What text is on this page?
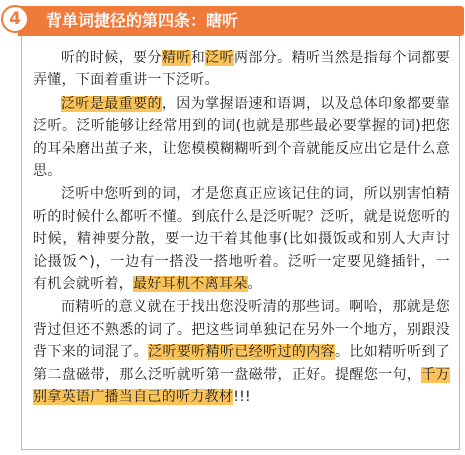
背单词捷径的第四条：瞎听
4

听的时候，要分精听和泛听两部分。精听当然是指每个词都要弄懂，下面着重讲一下泛听。

泛听是最重要的，因为掌握语速和语调，以及总体印象都要靠泛听。泛听能够让经常用到的词(也就是那些最必要掌握的词)把您的耳朵磨出茧子来，让您模模糊糊听到个音就能反应出它是什么意思。

泛听中您听到的词，才是您真正应该记住的词，所以别害怕精听的时候什么都听不懂。到底什么是泛听呢？泛听，就是说您听的时候，精神要分散，要一边干着其他事(比如摄饭或和别人大声讨论摄饭^)，一边有一搭没一搭地听着。泛听一定要见缝插针，一有机会就听着，最好耳机不离耳朵。

而精听的意义就在于找出您没听清的那些词。啊哈，那就是您背过但还不熟悉的词了。把这些词单独记在另外一个地方，别跟没背下来的词混了。泛听要听精听已经听过的内容。比如精听听到了第二盘磁带，那么泛听就听第一盘磁带，正好。提醒您一句，千万别拿英语广播当自己的听力教材!!!
